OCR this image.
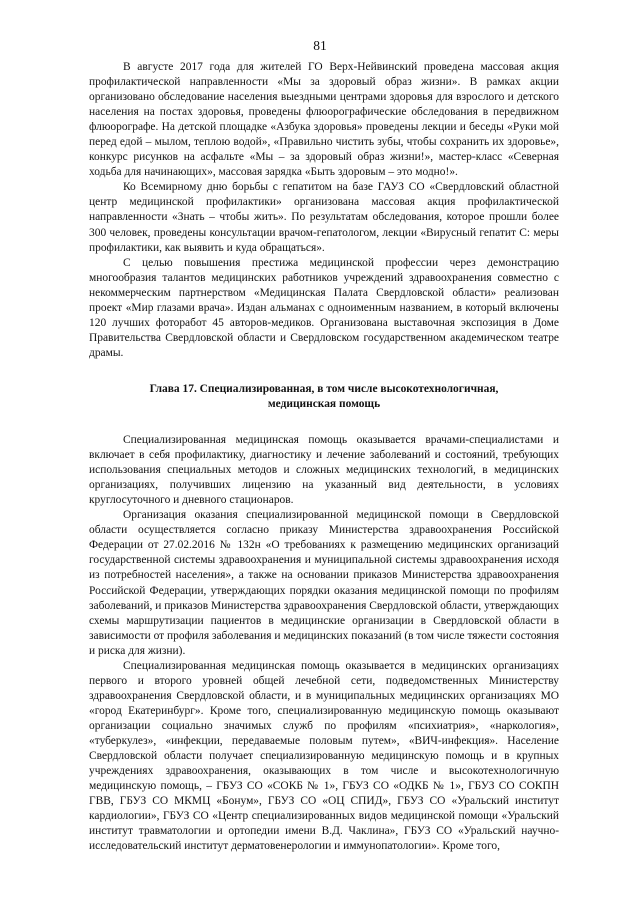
81

В августе 2017 года для жителей ГО Верх-Нейвинский проведена массовая акция профилактической направленности «Мы за здоровый образ жизни». В рамках акции организовано обследование населения выездными центрами здоровья для взрослого и детского населения на постах здоровья, проведены флюорографические обследования в передвижном флюорографе. На детской площадке «Азбука здоровья» проведены лекции и беседы «Руки мой перед едой – мылом, теплою водой», «Правильно чистить зубы, чтобы сохранить их здоровье», конкурс рисунков на асфальте «Мы – за здоровый образ жизни!», мастер-класс «Северная ходьба для начинающих», массовая зарядка «Быть здоровым – это модно!».

Ко Всемирному дню борьбы с гепатитом на базе ГАУЗ СО «Свердловский областной центр медицинской профилактики» организована массовая акция профилактической направленности «Знать – чтобы жить». По результатам обследования, которое прошли более 300 человек, проведены консультации врачом-гепатологом, лекции «Вирусный гепатит С: меры профилактики, как выявить и куда обращаться».

С целью повышения престижа медицинской профессии через демонстрацию многообразия талантов медицинских работников учреждений здравоохранения совместно с некоммерческим партнерством «Медицинская Палата Свердловской области» реализован проект «Мир глазами врача». Издан альманах с одноименным названием, в который включены 120 лучших фоторабот 45 авторов-медиков. Организована выставочная экспозиция в Доме Правительства Свердловской области и Свердловском государственном академическом театре драмы.

Глава 17. Специализированная, в том числе высокотехнологичная,
медицинская помощь

Специализированная медицинская помощь оказывается врачами-специалистами и включает в себя профилактику, диагностику и лечение заболеваний и состояний, требующих использования специальных методов и сложных медицинских технологий, в медицинских организациях, получивших лицензию на указанный вид деятельности, в условиях круглосуточного и дневного стационаров.

Организация оказания специализированной медицинской помощи в Свердловской области осуществляется согласно приказу Министерства здравоохранения Российской Федерации от 27.02.2016 № 132н «О требованиях к размещению медицинских организаций государственной системы здравоохранения и муниципальной системы здравоохранения исходя из потребностей населения», а также на основании приказов Министерства здравоохранения Российской Федерации, утверждающих порядки оказания медицинской помощи по профилям заболеваний, и приказов Министерства здравоохранения Свердловской области, утверждающих схемы маршрутизации пациентов в медицинские организации в Свердловской области в зависимости от профиля заболевания и медицинских показаний (в том числе тяжести состояния и риска для жизни).

Специализированная медицинская помощь оказывается в медицинских организациях первого и второго уровней общей лечебной сети, подведомственных Министерству здравоохранения Свердловской области, и в муниципальных медицинских организациях МО «город Екатеринбург». Кроме того, специализированную медицинскую помощь оказывают организации социально значимых служб по профилям «психиатрия», «наркология», «туберкулез», «инфекции, передаваемые половым путем», «ВИЧ-инфекция». Население Свердловской области получает специализированную медицинскую помощь и в крупных учреждениях здравоохранения, оказывающих в том числе и высокотехнологичную медицинскую помощь, – ГБУЗ СО «СОКБ № 1», ГБУЗ СО «ОДКБ № 1», ГБУЗ СО СОКПН ГВВ, ГБУЗ СО МКМЦ «Бонум», ГБУЗ СО «ОЦ СПИД», ГБУЗ СО «Уральский институт кардиологии», ГБУЗ СО «Центр специализированных видов медицинской помощи «Уральский институт травматологии и ортопедии имени В.Д. Чаклина», ГБУЗ СО «Уральский научно-исследовательский институт дерматовенерологии и иммунопатологии». Кроме того,
